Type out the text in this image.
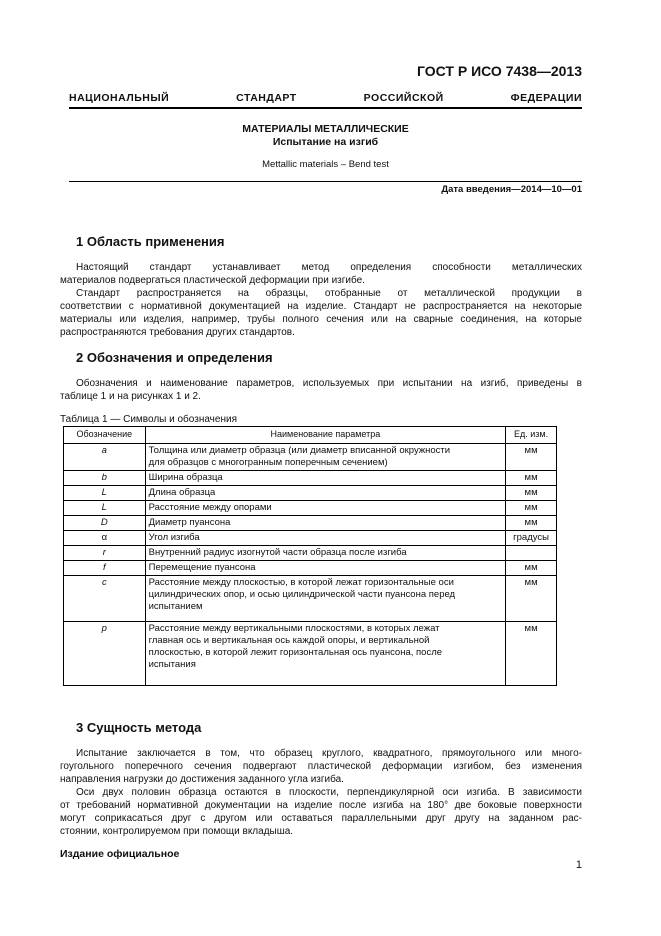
ГОСТ Р ИСО 7438—2013
НАЦИОНАЛЬНЫЙ СТАНДАРТ РОССИЙСКОЙ ФЕДЕРАЦИИ
МАТЕРИАЛЫ МЕТАЛЛИЧЕСКИЕ
Испытание на изгиб
Mettallic materials – Bend test
Дата введения—2014—10—01
1 Область применения
Настоящий стандарт устанавливает метод определения способности металлических
материалов подвергаться пластической деформации при изгибе.
Стандарт распространяется на образцы, отобранные от металлической продукции в
соответствии с нормативной документацией на изделие. Стандарт не распространяется на некоторые
материалы или изделия, например, трубы полного сечения или на сварные соединения, на которые
распространяются требования других стандартов.
2 Обозначения и определения
Обозначения и наименование параметров, используемых при испытании на изгиб, приведены в
таблице 1 и на рисунках 1 и 2.
Таблица 1 — Символы и обозначения
Обозначение	Наименование параметра	Ед. изм.
a	Толщина или диаметр образца (или диаметр вписанной окружности
для образцов с многогранным поперечным сечением)	мм
b	Ширина образца	мм
L	Длина образца	мм
L	Расстояние между опорами	мм
D	Диаметр пуансона	мм
α	Угол изгиба	градусы
r	Внутренний радиус изогнутой части образца после изгиба	

f	Перемещение пуансона	мм
c	Расстояние между плоскостью, в которой лежат горизонтальные оси
цилиндрических опор, и осью цилиндрической части пуансона перед
испытанием	мм
p	Расстояние между вертикальными плоскостями, в которых лежат
главная ось и вертикальная ось каждой опоры, и вертикальной
плоскостью, в которой лежит горизонтальная ось пуансона, после
испытания	мм
3 Сущность метода
Испытание заключается в том, что образец круглого, квадратного, прямоугольного или много-
гоугольного поперечного сечения подвергают пластической деформации изгибом, без изменения
направления нагрузки до достижения заданного угла изгиба.
Оси двух половин образца остаются в плоскости, перпендикулярной оси изгиба. В зависимости
от требований нормативной документации на изделие после изгиба на 180° две боковые поверхности
могут соприкасаться друг с другом или оставаться параллельными друг другу на заданном рас-
стоянии, контролируемом при помощи вкладыша.
Издание официальное
1
